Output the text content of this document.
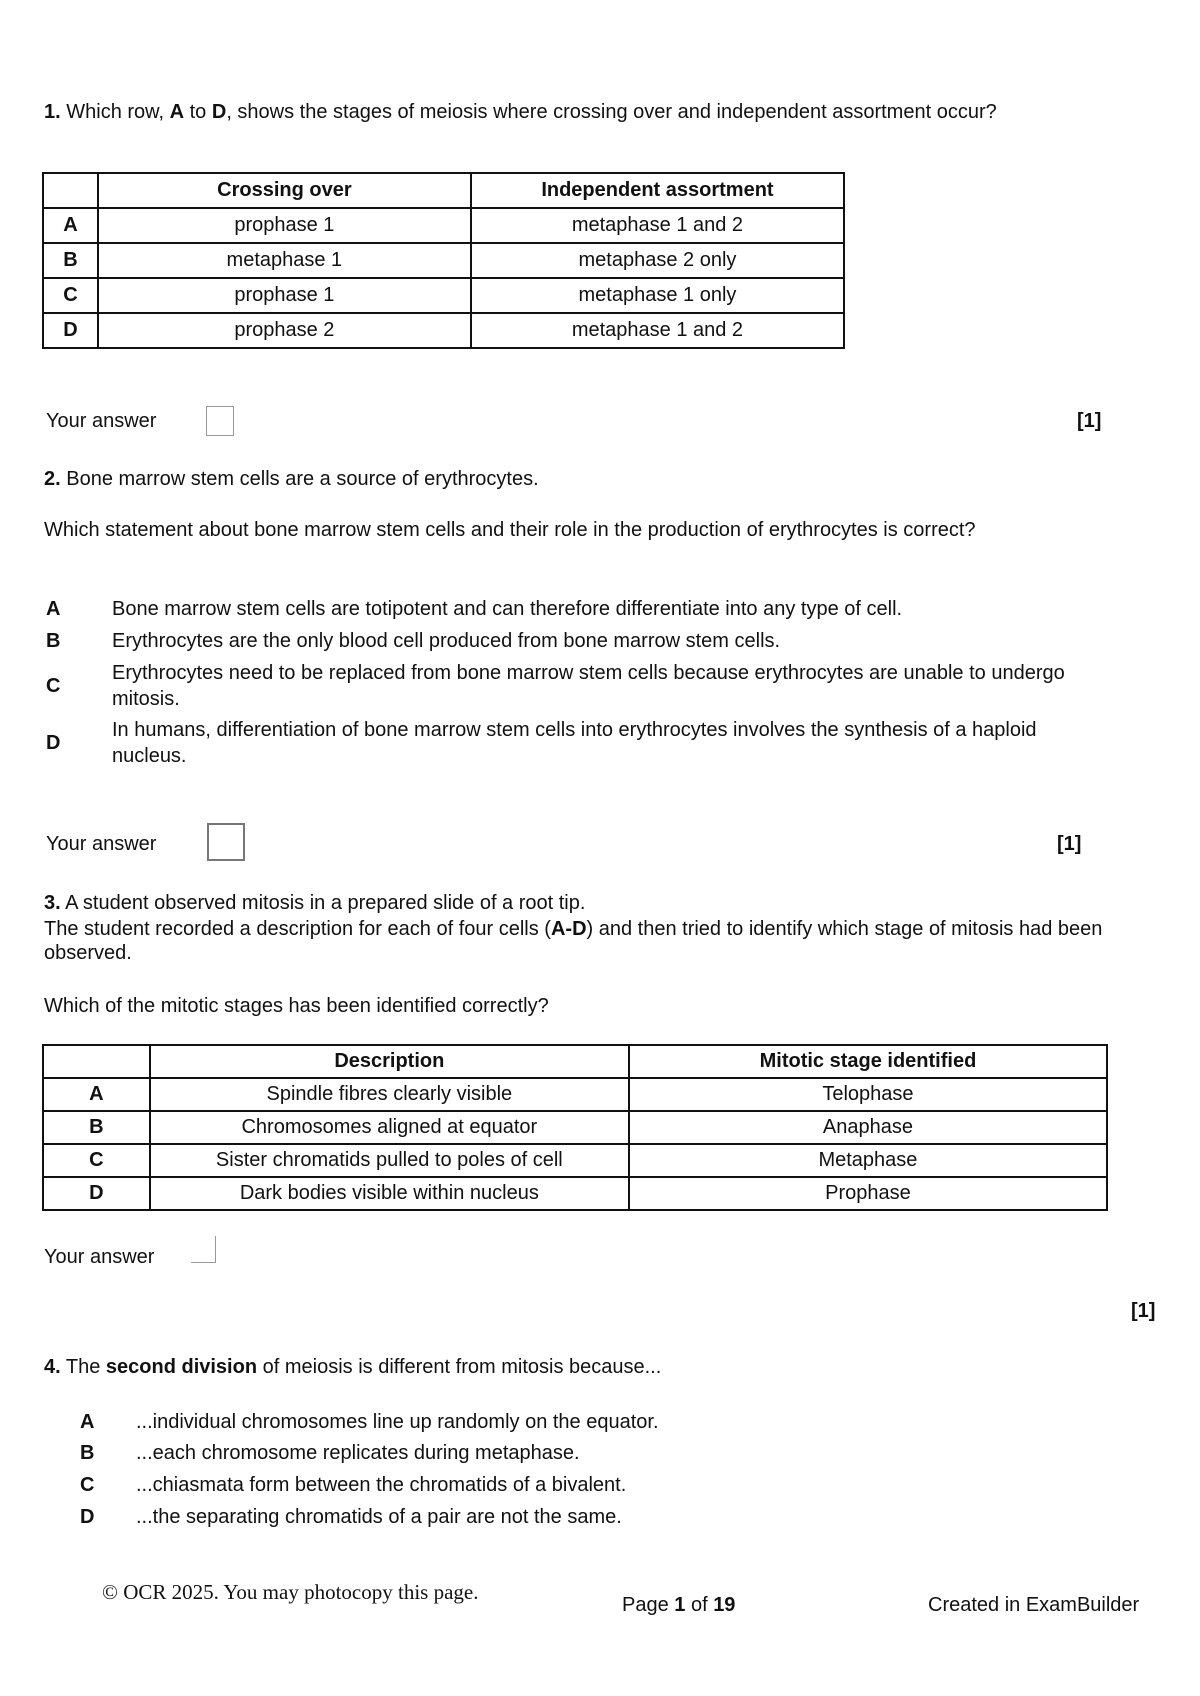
1. Which row, A to D, shows the stages of meiosis where crossing over and independent assortment occur?
	Crossing over	Independent assortment
A	prophase 1	metaphase 1 and 2
B	metaphase 1	metaphase 2 only
C	prophase 1	metaphase 1 only
D	prophase 2	metaphase 1 and 2
Your answer	[1]
2. Bone marrow stem cells are a source of erythrocytes.
Which statement about bone marrow stem cells and their role in the production of erythrocytes is correct?
A	Bone marrow stem cells are totipotent and can therefore differentiate into any type of cell.
B	Erythrocytes are the only blood cell produced from bone marrow stem cells.
C
Erythrocytes need to be replaced from bone marrow stem cells because erythrocytes are unable to undergo mitosis.
D
In humans, differentiation of bone marrow stem cells into erythrocytes involves the synthesis of a haploid nucleus.
Your answer	[1]
3. A student observed mitosis in a prepared slide of a root tip.
The student recorded a description for each of four cells (A-D) and then tried to identify which stage of mitosis had been observed.
Which of the mitotic stages has been identified correctly?
	Description	Mitotic stage identified
A	Spindle fibres clearly visible	Telophase
B	Chromosomes aligned at equator	Anaphase
C	Sister chromatids pulled to poles of cell	Metaphase
D	Dark bodies visible within nucleus	Prophase
Your answer
[1]
4. The second division of meiosis is different from mitosis because...
A	...individual chromosomes line up randomly on the equator.
B	...each chromosome replicates during metaphase.
C	...chiasmata form between the chromatids of a bivalent.
D	...the separating chromatids of a pair are not the same.
© OCR 2025. You may photocopy this page.
Page 1 of 19	Created in ExamBuilder
